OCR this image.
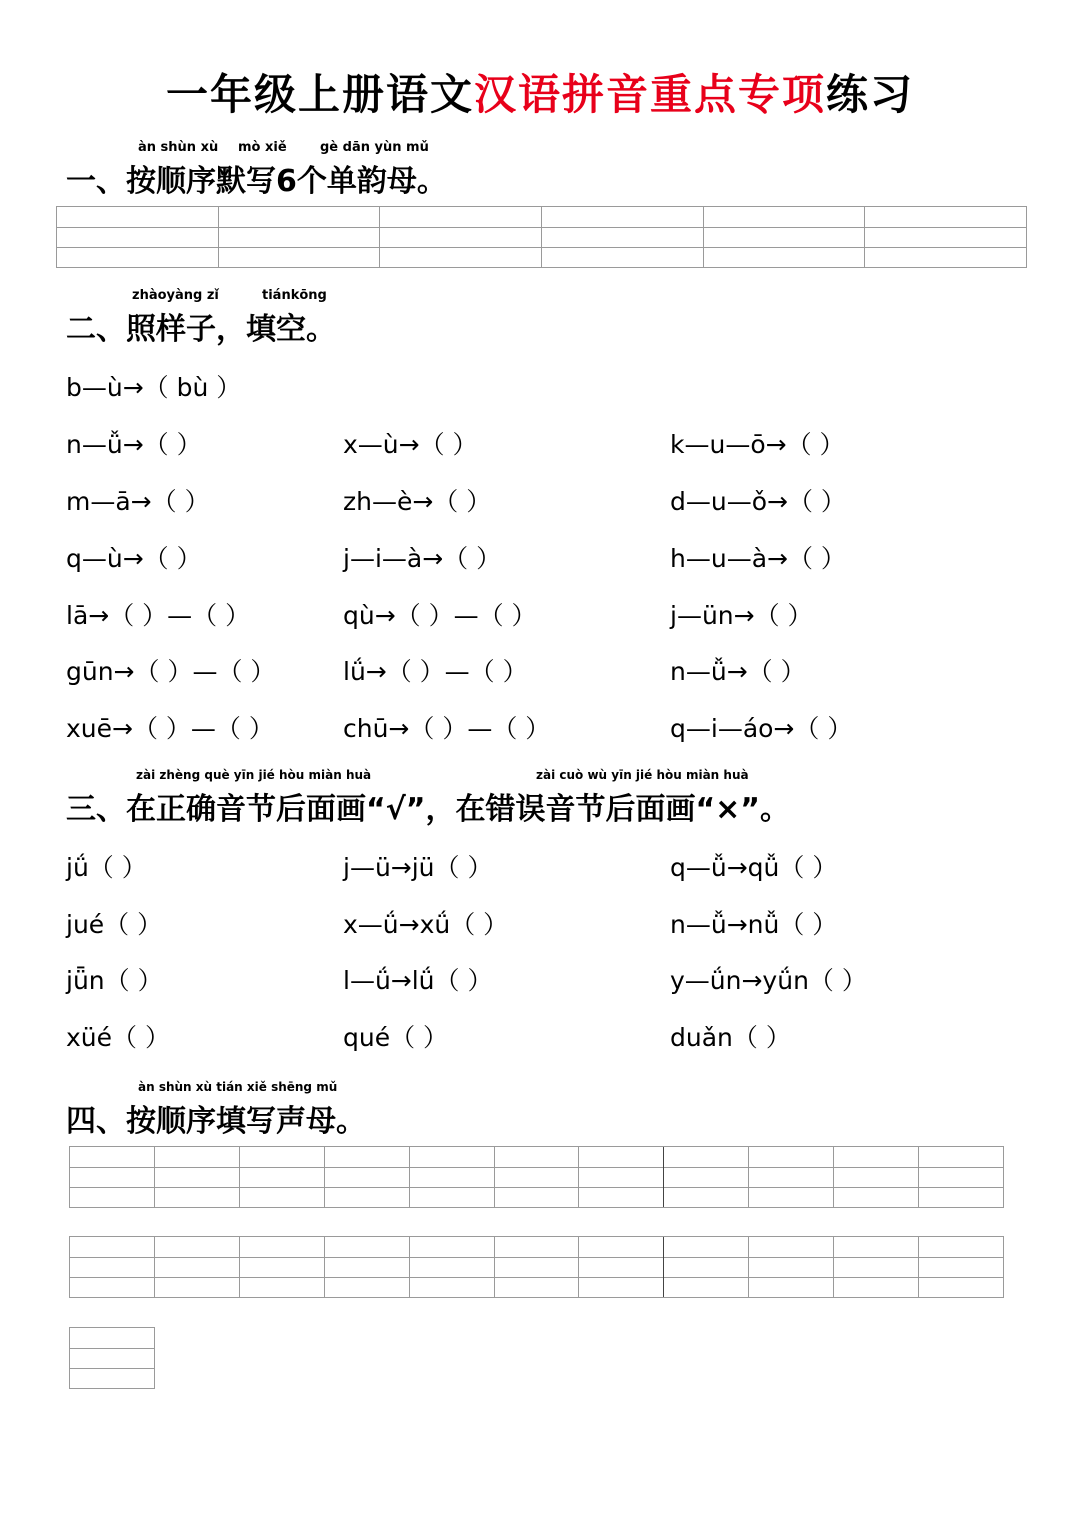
一年级上册语文汉语拼音重点专项练习
àn shùn xù mò xiě	gè dān yùn mǔ
一、按顺序默写6个单韵母。
zhàoyàng zǐ	tiánkōng
二、照样子，填空。
b—ù→（ bù ）
n—ǚ→（ ）	x—ù→（ ）	k—u—ō→（ ）
m—ā→（ ）	zh—è→（ ）	d—u—ǒ→（ ）
q—ù→（ ）	j—i—à→（ ）	h—u—à→（ ）
lā→（ ）—（ ）	qù→（ ）—（ ）	j—ün→（ ）
gūn→（ ）—（ ）	lǘ→（ ）—（ ）	n—ǚ→（ ）
xuē→（ ）—（ ）	chū→（ ）—（ ）	q—i—áo→（ ）
zài zhèng què yīn jié hòu miàn huà	zài cuò wù yīn jié hòu miàn huà
三、在正确音节后面画“√”，在错误音节后面画“×”。
jǘ（ ）	j—ü→jü（ ）	q—ǚ→qǚ（ ）
jué（ ）	x—ǘ→xǘ（ ）	n—ǚ→nǚ（ ）
jǖn（ ）	l—ǘ→lǘ（ ）	y—ǘn→yǘn（ ）
xüé（ ）	qué（ ）	duǎn（ ）
àn shùn xù tián xiě shēng mǔ
四、按顺序填写声母。
